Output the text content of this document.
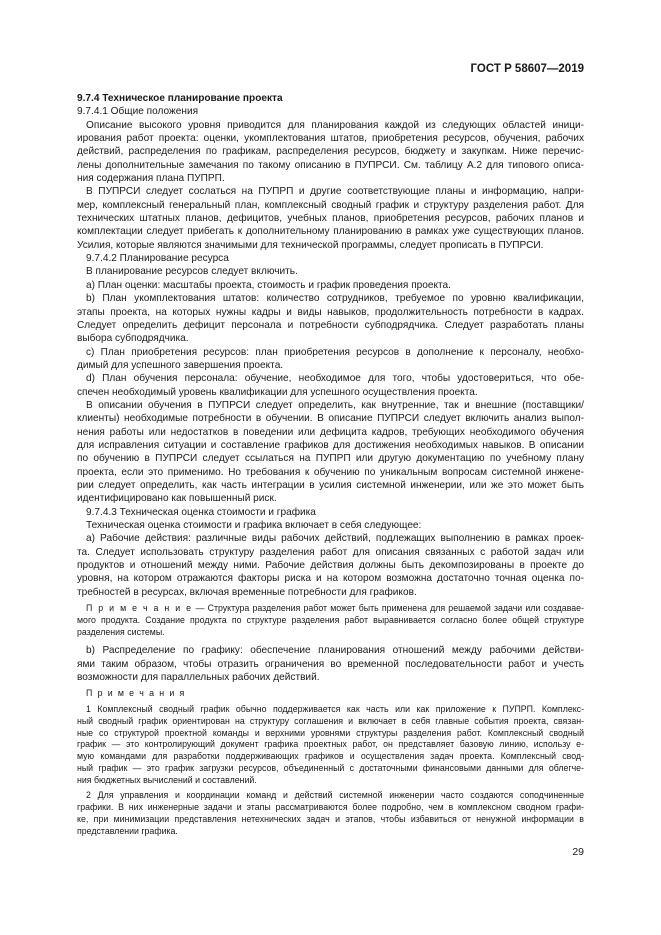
ГОСТ Р 58607—2019
9.7.4 Техническое планирование проекта
9.7.4.1 Общие положения
Описание высокого уровня приводится для планирования каждой из следующих областей иници-
ирования работ проекта: оценки, укомплектования штатов, приобретения ресурсов, обучения, рабочих
действий, распределения по графикам, распределения ресурсов, бюджету и закупкам. Ниже перечис-
лены дополнительные замечания по такому описанию в ПУПРСИ. См. таблицу А.2 для типового описа-
ния содержания плана ПУПРП.
В ПУПРСИ следует сослаться на ПУПРП и другие соответствующие планы и информацию, напри-
мер, комплексный генеральный план, комплексный сводный график и структуру разделения работ. Для
технических штатных планов, дефицитов, учебных планов, приобретения ресурсов, рабочих планов и
комплектации следует прибегать к дополнительному планированию в рамках уже существующих планов. Усилия, которые являются значимыми для технической программы, следует прописать в ПУПРСИ.
9.7.4.2 Планирование ресурса
В планирование ресурсов следует включить.
a) План оценки: масштабы проекта, стоимость и график проведения проекта.
b) План укомплектования штатов: количество сотрудников, требуемое по уровню квалификации,
этапы проекта, на которых нужны кадры и виды навыков, продолжительность потребности в кадрах.
Следует определить дефицит персонала и потребности субподрядчика. Следует разработать планы
выбора субподрядчика.
c) План приобретения ресурсов: план приобретения ресурсов в дополнение к персоналу, необхо-
димый для успешного завершения проекта.
d) План обучения персонала: обучение, необходимое для того, чтобы удостовериться, что обе-
спечен необходимый уровень квалификации для успешного осуществления проекта.
В описании обучения в ПУПРСИ следует определить, как внутренние, так и внешние (поставщики/
клиенты) необходимые потребности в обучении. В описание ПУПРСИ следует включить анализ выпол-
нения работы или недостатков в поведении или дефицита кадров, требующих необходимого обучения
для исправления ситуации и составление графиков для достижения необходимых навыков. В описании
по обучению в ПУПРСИ следует ссылаться на ПУПРП или другую документацию по учебному плану
проекта, если это применимо. Но требования к обучению по уникальным вопросам системной инжене-
рии следует определить, как часть интеграции в усилия системной инженерии, или же это может быть
идентифицировано как повышенный риск.
9.7.4.3 Техническая оценка стоимости и графика
Техническая оценка стоимости и графика включает в себя следующее:
a) Рабочие действия: различные виды рабочих действий, подлежащих выполнению в рамках проек-
та. Следует использовать структуру разделения работ для описания связанных с работой задач или
продуктов и отношений между ними. Рабочие действия должны быть декомпозированы в проекте до
уровня, на котором отражаются факторы риска и на котором возможна достаточно точная оценка по-
требностей в ресурсах, включая временные потребности для графиков.
П р и м е ч а н и е — Структура разделения работ может быть применена для решаемой задачи или создавае-
мого продукта. Создание продукта по структуре разделения работ выравнивается согласно более общей структуре
разделения системы.
b) Распределение по графику: обеспечение планирования отношений между рабочими действи-
ями таким образом, чтобы отразить ограничения во временной последовательности работ и учесть
возможности для параллельных рабочих действий.
П р и м е ч а н и я
1 Комплексный сводный график обычно поддерживается как часть или как приложение к ПУПРП. Комплекс-
ный сводный график ориентирован на структуру соглашения и включает в себя главные события проекта, связан-
ные со структурой проектной команды и верхними уровнями структуры разделения работ. Комплексный сводный
график — это контролирующий документ графика проектных работ, он представляет базовую линию, использу е-
мую командами для разработки поддерживающих графиков и осуществления задач проекта. Комплексный свод-
ный график — это график загрузки ресурсов, объединенный с достаточными финансовыми данными для облегче-
ния бюджетных вычислений и составлений.
2 Для управления и координации команд и действий системной инженерии часто создаются соподчиненные
графики. В них инженерные задачи и этапы рассматриваются более подробно, чем в комплексном сводном графи-
ке, при минимизации представления нетехнических задач и этапов, чтобы избавиться от ненужной информации в
представлении графика.
29
